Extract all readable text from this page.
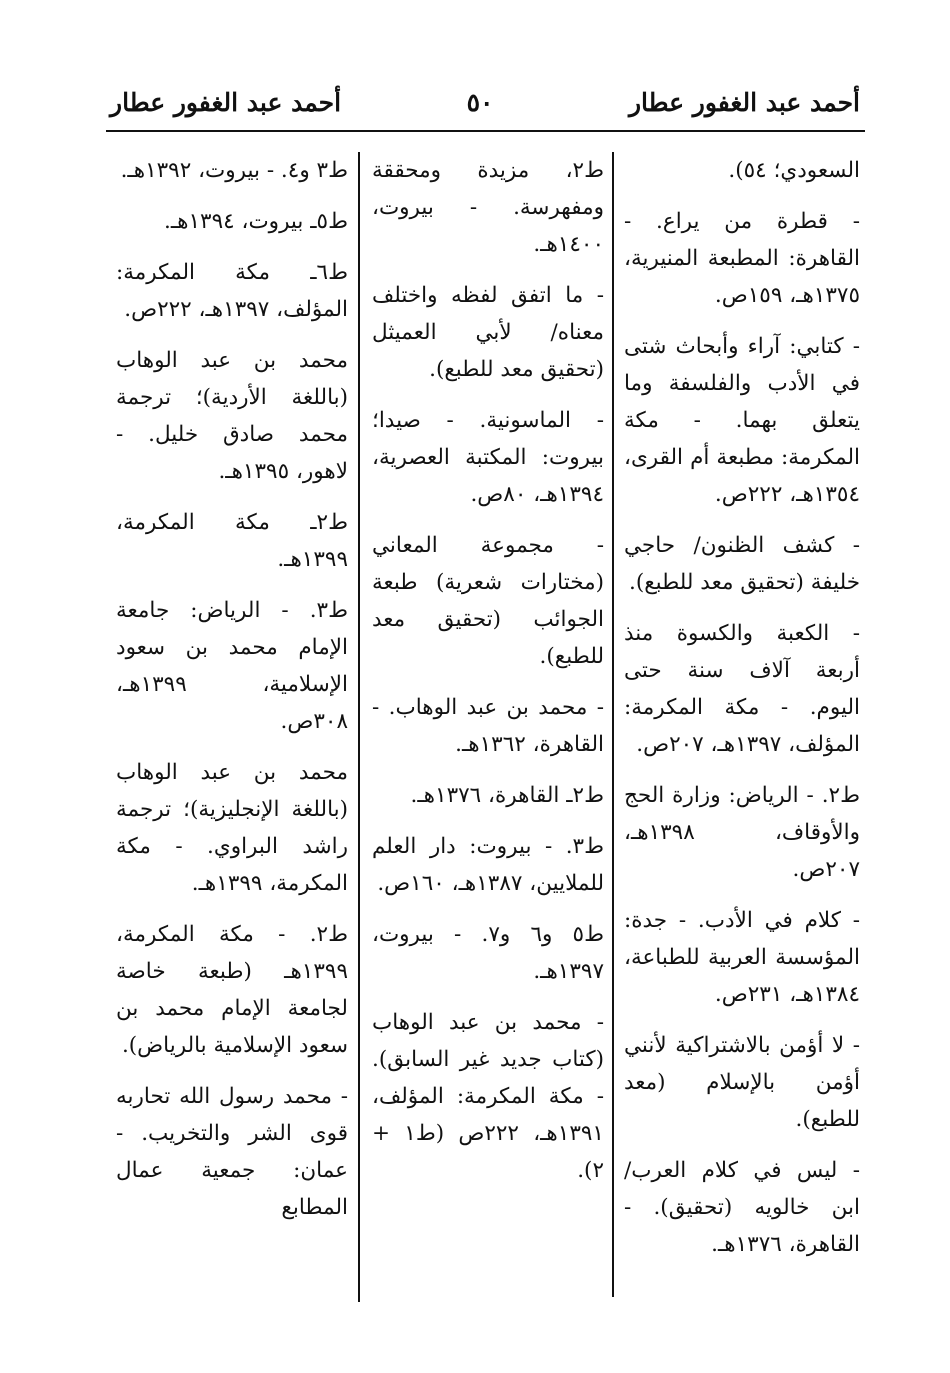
أحمد عبد الغفور عطار
٥٠
أحمد عبد الغفور عطار

السعودي؛ ٥٤).

- قطرة من يراع. - القاهرة: المطبعة المنيرية، ١٣٧٥هـ، ١٥٩ص.

- كتابي: آراء وأبحاث شتى في الأدب والفلسفة وما يتعلق بهما. - مكة المكرمة: مطبعة أم القرى، ١٣٥٤هـ، ٢٢٢ص.

- كشف الظنون/ حاجي خليفة (تحقيق معد للطبع).

- الكعبة والكسوة منذ أربعة آلاف سنة حتى اليوم. - مكة المكرمة: المؤلف، ١٣٩٧هـ، ٢٠٧ص.

ط٢. - الرياض: وزارة الحج والأوقاف، ١٣٩٨هـ، ٢٠٧ص.

- كلام في الأدب. - جدة: المؤسسة العربية للطباعة، ١٣٨٤هـ، ٢٣١ص.

- لا أؤمن بالاشتراكية لأنني أؤمن بالإسلام (معد للطبع).

- ليس في كلام العرب/ ابن خالويه (تحقيق). - القاهرة، ١٣٧٦هـ.

ط٢، مزيدة ومحققة ومفهرسة. - بيروت، ١٤٠٠هـ.

- ما اتفق لفظه واختلف معناه/ لأبي العميثل (تحقيق معد للطبع).

- الماسونية. - صيدا؛ بيروت: المكتبة العصرية، ١٣٩٤هـ، ٨٠ص.

- مجموعة المعاني (مختارات شعرية) طبعة الجوائب (تحقيق معد للطبع).

- محمد بن عبد الوهاب. - القاهرة، ١٣٦٢هـ.

ط٢ـ القاهرة، ١٣٧٦هـ.

ط٣. - بيروت: دار العلم للملايين، ١٣٨٧هـ، ١٦٠ص.

ط٥ و٦ و٧. - بيروت، ١٣٩٧هـ.

- محمد بن عبد الوهاب (كتاب جديد غير السابق). - مكة المكرمة: المؤلف، ١٣٩١هـ، ٢٢٢ص (ط١ + ٢).

ط٣ و٤. - بيروت، ١٣٩٢هـ.

ط٥ـ بيروت، ١٣٩٤هـ.

ط٦ـ مكة المكرمة: المؤلف، ١٣٩٧هـ، ٢٢٢ص.

محمد بن عبد الوهاب (باللغة الأردية)؛ ترجمة محمد صادق خليل. - لاهور، ١٣٩٥هـ.

ط٢ـ مكة المكرمة، ١٣٩٩هـ.

ط٣. - الرياض: جامعة الإمام محمد بن سعود الإسلامية، ١٣٩٩هـ، ٣٠٨ص.

محمد بن عبد الوهاب (باللغة الإنجليزية)؛ ترجمة راشد البراوي. - مكة المكرمة، ١٣٩٩هـ.

ط٢. - مكة المكرمة، ١٣٩٩هـ (طبعة خاصة لجامعة الإمام محمد بن سعود الإسلامية بالرياض).

- محمد رسول الله تحاربه قوى الشر والتخريب. - عمان: جمعية عمال المطابع
